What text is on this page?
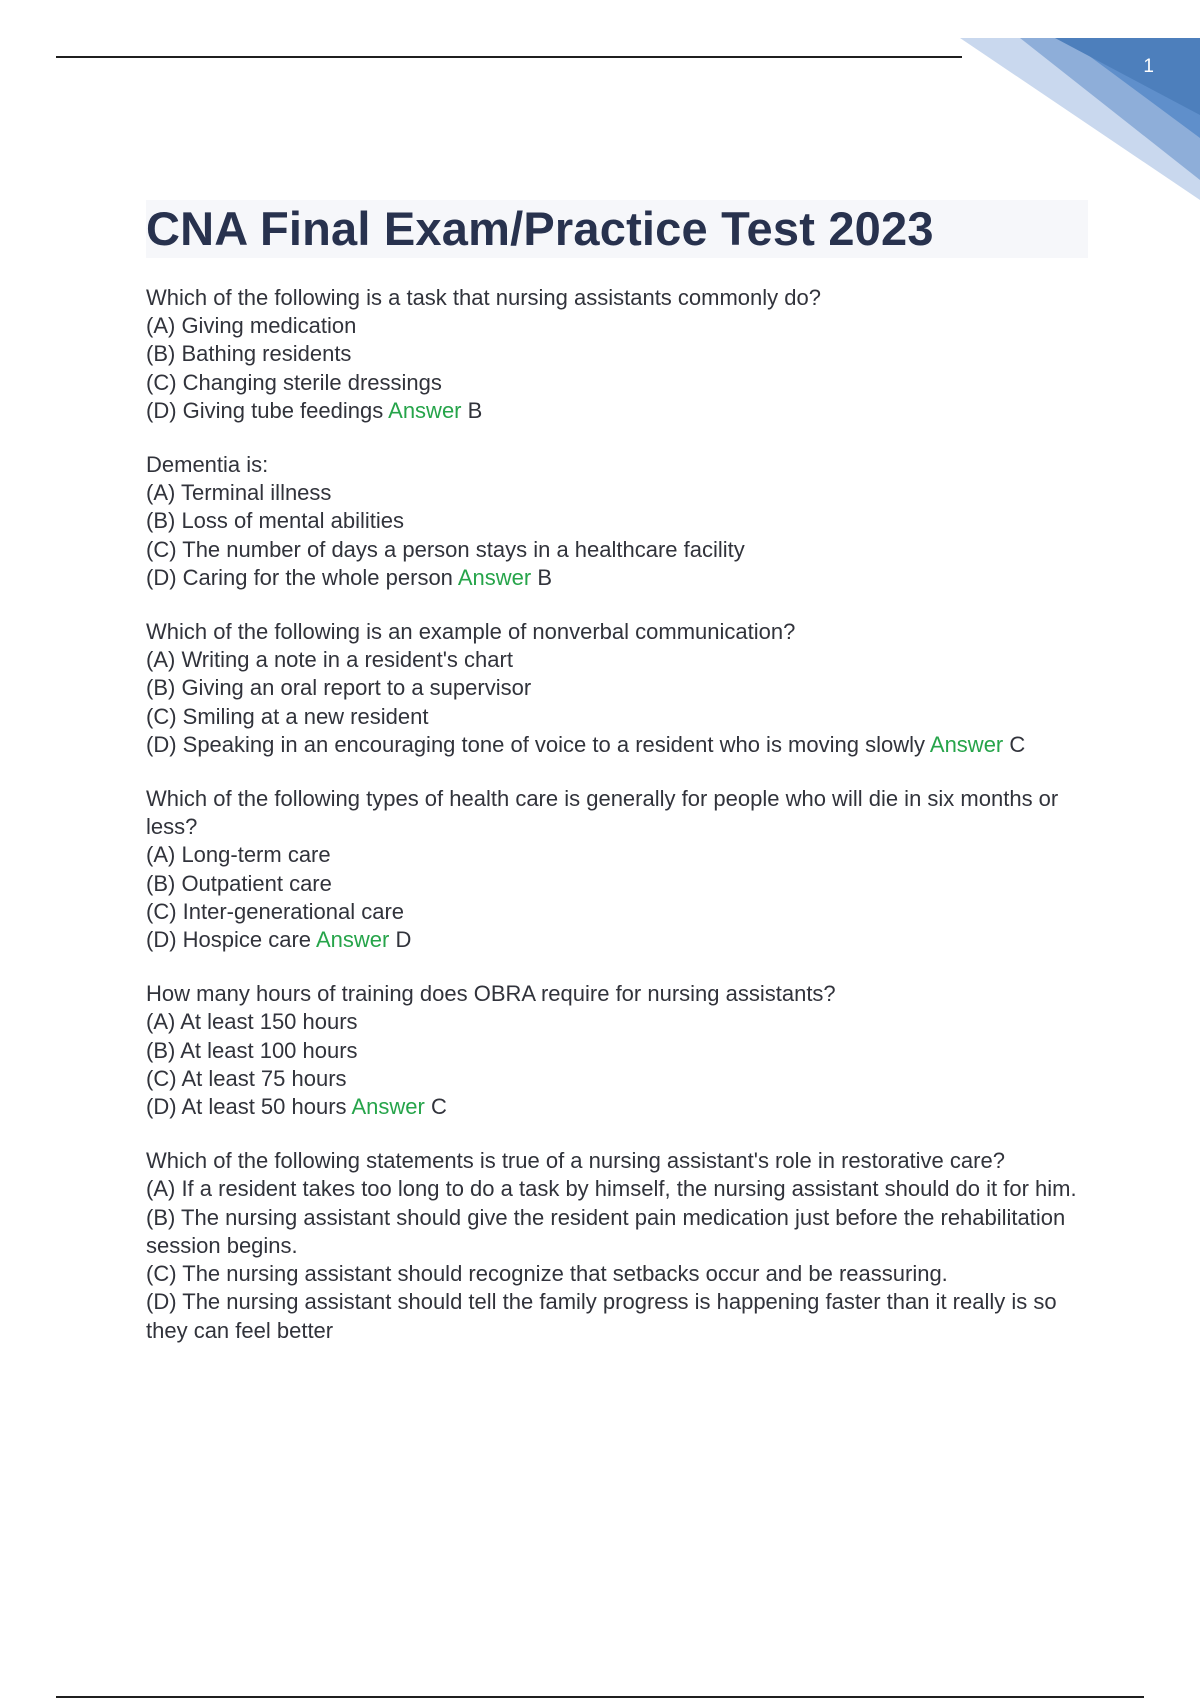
1
CNA Final Exam/Practice Test 2023
Which of the following is a task that nursing assistants commonly do?
(A) Giving medication
(B) Bathing residents
(C) Changing sterile dressings
(D) Giving tube feedings Answer B
Dementia is:
(A) Terminal illness
(B) Loss of mental abilities
(C) The number of days a person stays in a healthcare facility
(D) Caring for the whole person Answer B
Which of the following is an example of nonverbal communication?
(A) Writing a note in a resident's chart
(B) Giving an oral report to a supervisor
(C) Smiling at a new resident
(D) Speaking in an encouraging tone of voice to a resident who is moving slowly Answer C
Which of the following types of health care is generally for people who will die in six months or less?
(A) Long-term care
(B) Outpatient care
(C) Inter-generational care
(D) Hospice care Answer D
How many hours of training does OBRA require for nursing assistants?
(A) At least 150 hours
(B) At least 100 hours
(C) At least 75 hours
(D) At least 50 hours Answer C
Which of the following statements is true of a nursing assistant's role in restorative care?
(A) If a resident takes too long to do a task by himself, the nursing assistant should do it for him.
(B) The nursing assistant should give the resident pain medication just before the rehabilitation session begins.
(C) The nursing assistant should recognize that setbacks occur and be reassuring.
(D) The nursing assistant should tell the family progress is happening faster than it really is so they can feel better
